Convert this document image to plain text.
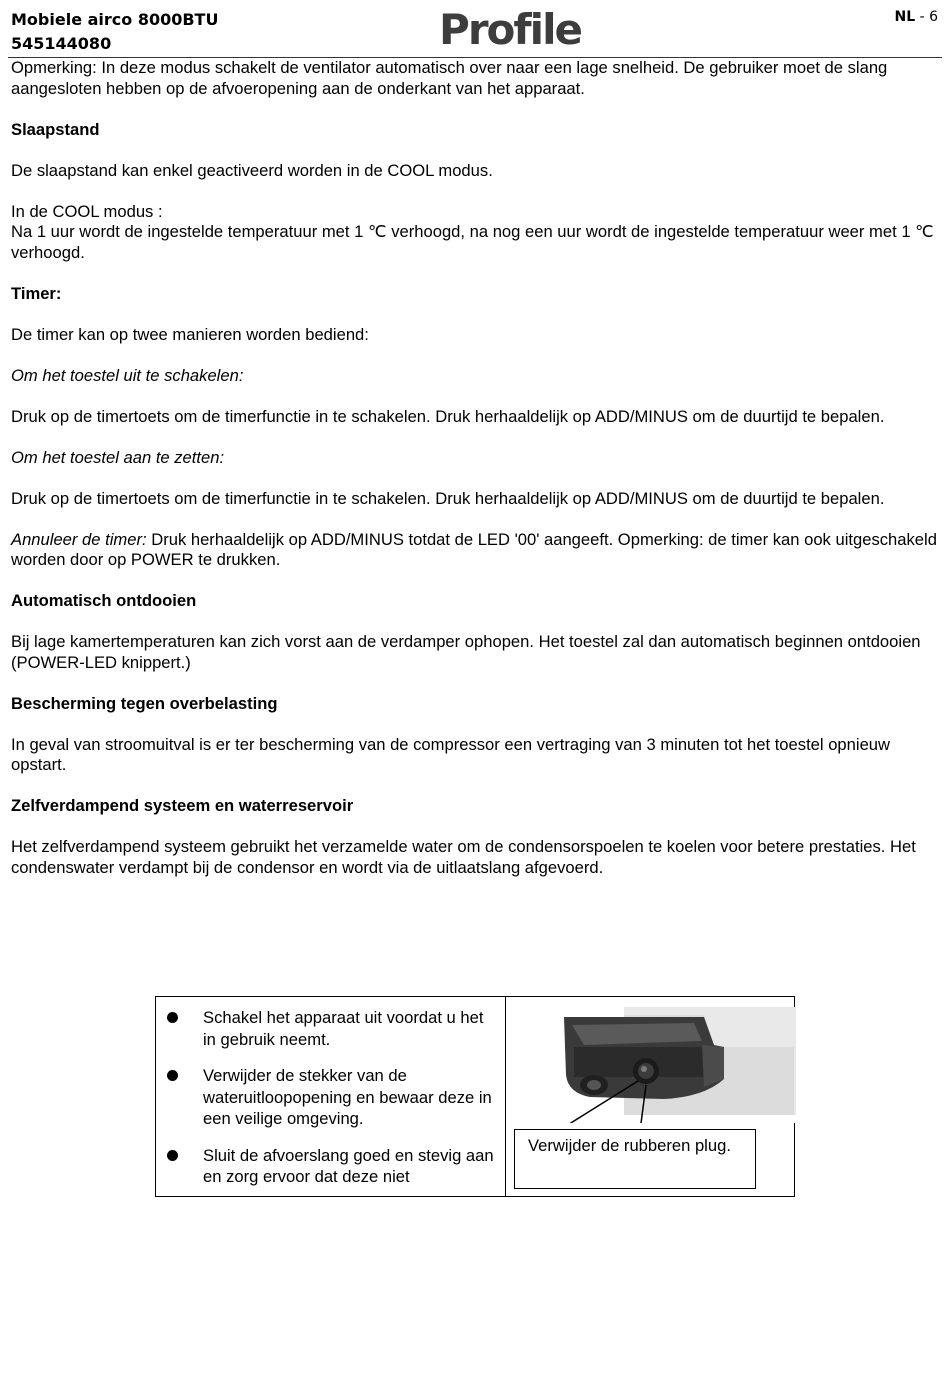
Mobiele airco 8000BTU
545144080	Profile	NL - 6

Opmerking: In deze modus schakelt de ventilator automatisch over naar een lage snelheid. De gebruiker moet de slang aangesloten hebben op de afvoeropening aan de onderkant van het apparaat.

Slaapstand

De slaapstand kan enkel geactiveerd worden in de COOL modus.

In de COOL modus :
Na 1 uur wordt de ingestelde temperatuur met 1 ℃ verhoogd, na nog een uur wordt de ingestelde temperatuur weer met 1 ℃ verhoogd.

Timer:

De timer kan op twee manieren worden bediend:

Om het toestel uit te schakelen:

Druk op de timertoets om de timerfunctie in te schakelen. Druk herhaaldelijk op ADD/MINUS om de duurtijd te bepalen.

Om het toestel aan te zetten:

Druk op de timertoets om de timerfunctie in te schakelen. Druk herhaaldelijk op ADD/MINUS om de duurtijd te bepalen.

Annuleer de timer: Druk herhaaldelijk op ADD/MINUS totdat de LED '00' aangeeft. Opmerking: de timer kan ook uitgeschakeld worden door op POWER te drukken.

Automatisch ontdooien

Bij lage kamertemperaturen kan zich vorst aan de verdamper ophopen. Het toestel zal dan automatisch beginnen ontdooien (POWER-LED knippert.)

Bescherming tegen overbelasting

In geval van stroomuitval is er ter bescherming van de compressor een vertraging van 3 minuten tot het toestel opnieuw opstart.

Zelfverdampend systeem en waterreservoir

Het zelfverdampend systeem gebruikt het verzamelde water om de condensorspoelen te koelen voor betere prestaties. Het condenswater verdampt bij de condensor en wordt via de uitlaatslang afgevoerd.

Schakel het apparaat uit voordat u het in gebruik neemt.
Verwijder de stekker van de wateruitloopopening en bewaar deze in een veilige omgeving.
Sluit de afvoerslang goed en stevig aan en zorg ervoor dat deze niet
Verwijder de rubberen plug.
